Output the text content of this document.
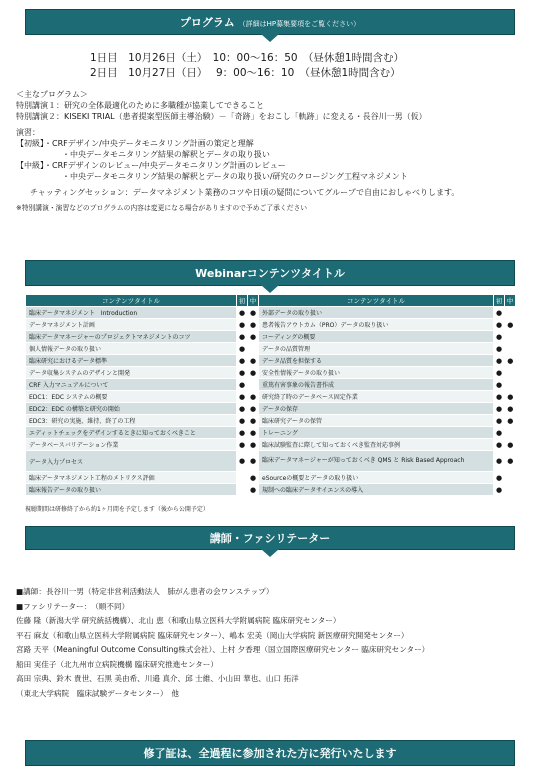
プログラム （詳細はHP募集要項をご覧ください）
1日目　10月26日（土）　10：00～16：50　（昼休憩1時間含む）
2日目　10月27日（日）　 9：00～16：10　（昼休憩1時間含む）
＜主なプログラム＞
特別講演１：研究の全体最適化のために多職種が協業してできること
特別講演２：KISEKI TRIAL（患者提案型医師主導治験）－「奇跡」をおこし「軌跡」に変える・長谷川一男（仮）
演習：
【初級】・CRFデザイン/中央データモニタリング計画の策定と理解
・中央データモニタリング結果の解釈とデータの取り扱い
【中級】・CRFデザインのレビュー/中央データモニタリング計画のレビュー
・中央データモニタリング結果の解釈とデータの取り扱い/研究のクロージング工程マネジメント
チャッティングセッション：データマネジメント業務のコツや日頃の疑問についてグループで自由におしゃべりします。
※特別講演・演習などのプログラムの内容は変更になる場合がありますので予めご了承ください
Webinarコンテンツタイトル
コンテンツタイトル	初	中	コンテンツタイトル	初	中
臨床データマネジメント　Introduction	●	●	外部データの取り扱い	●	
データマネジメント計画	●	●	患者報告アウトカム（PRO）データの取り扱い	●	●
臨床データマネージャーのプロジェクトマネジメントのコツ	●	●	コーディングの概要	●	
個人情報データの取り扱い	●		データの品質管理	●	
臨床研究におけるデータ標準	●	●	データ品質を担保する	●	●
データ収集システムのデザインと開発	●	●	安全性情報データの取り扱い	●	
CRF 入力マニュアルについて	●		重篤有害事象の報告書作成	●	
EDC1：EDC システムの概要	●	●	研究終了時のデータベース固定作業	●	●
EDC2：EDC の構築と研究の開始	●	●	データの保存	●	●
EDC3：研究の実施、維持、終了の工程	●	●	臨床研究データの保管	●	●
エディットチェックをデザインするときに知っておくべきこと	●	●	トレーニング	●	
データベースバリデーション作業	●	●	臨床試験監査に際して知っておくべき監査対応事例	●	●
データ入力プロセス	●	●	臨床データマネージャーが知っておくべき QMS と Risk Based Approach	●	●
臨床データマネジメント工程のメトリクス評価		●	eSourceの概要とデータの取り扱い	●	
臨床報告データの取り扱い		●	規制への臨床データサイエンスの導入	●	
視聴期間は研修終了から約1ヶ月間を予定します（後から公開予定）
講師・ファシリテーター
■講師：長谷川一男（特定非営利活動法人　肺がん患者の会ワンステップ）
■ファシリテーター：　（順不同）
佐藤 隆（新潟大学 研究統括機構）、北山 恵（和歌山県立医科大学附属病院 臨床研究センター）
平石 麻友（和歌山県立医科大学附属病院 臨床研究センター）、嶋本 宏美（岡山大学病院 新医療研究開発センター）
宮路 天平（Meaningful Outcome Consulting株式会社）、上村 夕香理（国立国際医療研究センター 臨床研究センター）
船田 実佳子（北九州市立病院機構 臨床研究推進センター）
高田 宗典、鈴木 貴世、石黒 美由希、川邉 真介、邱 士維、小山田 華也、山口 拓洋
（東北大学病院　臨床試験データセンター）　他
修了証は、全過程に参加された方に発行いたします
